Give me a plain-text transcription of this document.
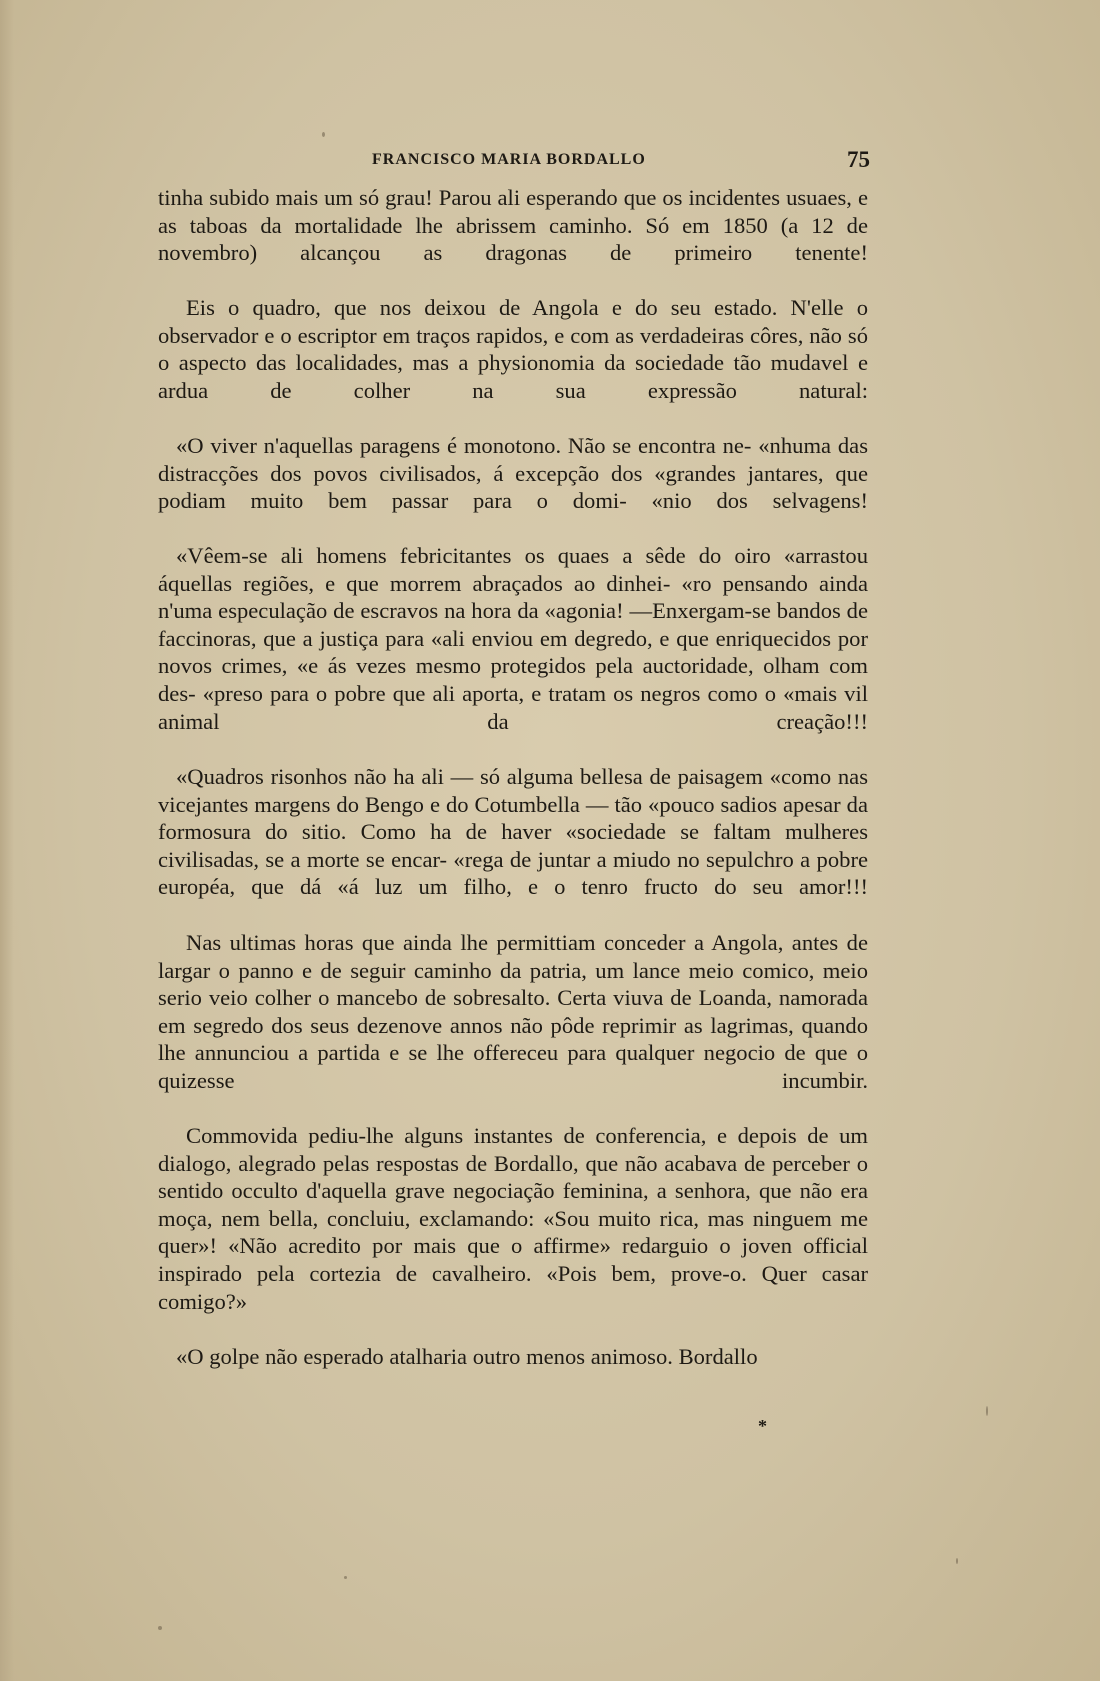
FRANCISCO MARIA BORDALLO	75

tinha subido mais um só grau! Parou ali esperando que os incidentes usuaes, e as taboas da mortalidade lhe abrissem caminho. Só em 1850 (a 12 de novembro) alcançou as dragonas de primeiro tenente!

Eis o quadro, que nos deixou de Angola e do seu estado. N'elle o observador e o escriptor em traços rapidos, e com as verdadeiras côres, não só o aspecto das localidades, mas a physionomia da sociedade tão mudavel e ardua de colher na sua expressão natural:

«O viver n'aquellas paragens é monotono. Não se encontra ne- «nhuma das distracções dos povos civilisados, á excepção dos «grandes jantares, que podiam muito bem passar para o domi- «nio dos selvagens!

«Vêem-se ali homens febricitantes os quaes a sêde do oiro «arrastou áquellas regiões, e que morrem abraçados ao dinhei- «ro pensando ainda n'uma especulação de escravos na hora da «agonia! —Enxergam-se bandos de faccinoras, que a justiça para «ali enviou em degredo, e que enriquecidos por novos crimes, «e ás vezes mesmo protegidos pela auctoridade, olham com des- «preso para o pobre que ali aporta, e tratam os negros como o «mais vil animal da creação!!!

«Quadros risonhos não ha ali — só alguma bellesa de paisagem «como nas vicejantes margens do Bengo e do Cotumbella — tão «pouco sadios apesar da formosura do sitio. Como ha de haver «sociedade se faltam mulheres civilisadas, se a morte se encar- «rega de juntar a miudo no sepulchro a pobre européa, que dá «á luz um filho, e o tenro fructo do seu amor!!!

Nas ultimas horas que ainda lhe permittiam conceder a Angola, antes de largar o panno e de seguir caminho da patria, um lance meio comico, meio serio veio colher o mancebo de sobresalto. Certa viuva de Loanda, namorada em segredo dos seus dezenove annos não pôde reprimir as lagrimas, quando lhe annunciou a partida e se lhe offereceu para qualquer negocio de que o quizesse incumbir.

Commovida pediu-lhe alguns instantes de conferencia, e depois de um dialogo, alegrado pelas respostas de Bordallo, que não acabava de perceber o sentido occulto d'aquella grave negociação feminina, a senhora, que não era moça, nem bella, concluiu, exclamando: «Sou muito rica, mas ninguem me quer»! «Não acredito por mais que o affirme» redarguio o joven official inspirado pela cortezia de cavalheiro. «Pois bem, prove-o. Quer casar comigo?»

«O golpe não esperado atalharia outro menos animoso. Bordallo

*
